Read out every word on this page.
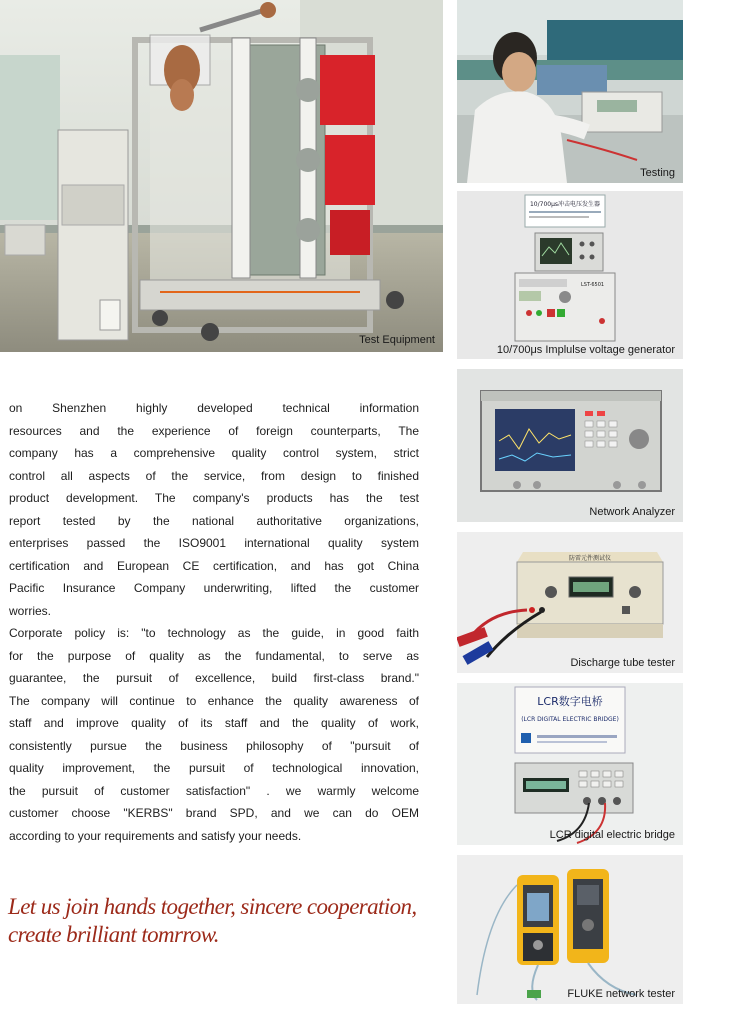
Test Equipment
Testing
10/700μs冲击电压发生器
LST-6501
10/700μs Implulse voltage generator
Network Analyzer
防雷元件测试仪
Discharge tube tester
LCR数字电桥
(LCR DIGITAL ELECTRIC BRIDGE)
LCR digital electric bridge
FLUKE network tester

on Shenzhen highly developed technical information

resources and the experience of foreign counterparts, The

company has a comprehensive quality control system, strict

control all aspects of the service, from design to finished

product development. The company's products has the test

report tested by the national authoritative organizations,

enterprises passed the ISO9001 international quality system

certification and European CE certification, and has got China

Pacific Insurance Company underwriting, lifted the customer

worries.

Corporate policy is: "to technology as the guide, in good faith

for the purpose of quality as the fundamental, to serve as

guarantee, the pursuit of excellence, build first-class brand."

The company will continue to enhance the quality awareness of

staff and improve quality of its staff and the quality of work,

consistently pursue the business philosophy of "pursuit of

quality improvement, the pursuit of technological innovation,

the pursuit of customer satisfaction" . we warmly welcome

customer choose "KERBS" brand SPD, and we can do OEM

according to your requirements and satisfy your needs.

Let us join hands together, sincere cooperation,
create brilliant tomrrow.
